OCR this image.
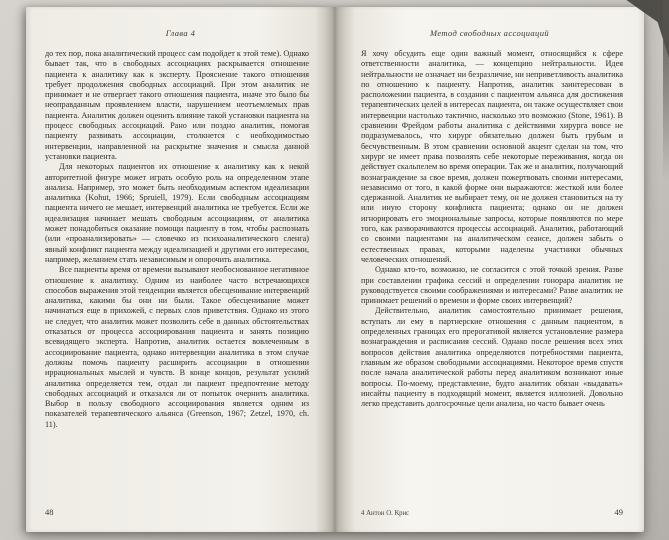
Глава 4

до тех пор, пока аналитический процесс сам подойдет к этой теме). Однако бывает так, что в свободных ассоциациях раскрывается отношение пациента к аналитику как к эксперту. Прояснение такого отношения требует продолжения свободных ассоциаций. При этом аналитик не принимает и не отвергает такого отношения пациента, иначе это было бы неоправданным проявлением власти, нарушением неотъемлемых прав пациента. Аналитик должен оценить влияние такой установки пациента на процесс свободных ассоциаций. Рано или поздно аналитик, помогая пациенту развивать ассоциации, столкнется с необходимостью интервенции, направленной на раскрытие значения и смысла данной установки пациента.

Для некоторых пациентов их отношение к аналитику как к некой авторитетной фигуре может играть особую роль на определенном этапе анализа. Например, это может быть необходимым аспектом идеализации аналитика (Kohut, 1966; Spruiell, 1979). Если свободным ассоциациям пациента ничего не мешает, интервенций аналитика не требуется. Если же идеализация начинает мешать свободным ассоциациям, от аналитика может понадобиться оказание помощи пациенту в том, чтобы распознать (или «проанализировать» — словечко из психоаналитического сленга) явный конфликт пациента между идеализацией и другими его интересами, например, желанием стать независимым и опорочить аналитика.

Все пациенты время от времени вызывают необоснованное негативное отношение к аналитику. Одним из наиболее часто встречающихся способов выражения этой тенденции является обесценивание интервенций аналитика, какими бы они ни были. Такое обесценивание может начинаться еще в прихожей, с первых слов приветствия. Однако из этого не следует, что аналитик может позволить себе в данных обстоятельствах отказаться от процесса ассоциирования пациента и занять позицию всевидящего эксперта. Напротив, аналитик остается вовлеченным в ассоциирование пациента, однако интервенции аналитика в этом случае должны помочь пациенту расширить ассоциации в отношении иррациональных мыслей и чувств. В конце концов, результат усилий аналитика определяется тем, отдал ли пациент предпочтение методу свободных ассоциаций и отказался ли от попыток очернить аналитика. Выбор в пользу свободного ассоциирования является одним из показателей терапевтического альянса (Greenson, 1967; Zetzel, 1970, ch. 11).

48
Метод свободных ассоциаций

Я хочу обсудить еще один важный момент, относящийся к сфере ответственности аналитика, — концепцию нейтральности. Идея нейтральности не означает ни безразличие, ни неприветливость аналитика по отношению к пациенту. Напротив, аналитик заинтересован в расположении пациента, в создании с пациентом альянса для достижения терапевтических целей в интересах пациента, он также осуществляет свои интервенции настолько тактично, насколько это возможно (Stone, 1961). В сравнении Фрейдом работы аналитика с действиями хирурга вовсе не подразумевалось, что хирург обязательно должен быть грубым и бесчувственным. В этом сравнении основной акцент сделан на том, что хирург не имеет права позволять себе некоторые переживания, когда он действует скальпелем во время операции. Так же и аналитик, получающий вознаграждение за свое время, должен пожертвовать своими интересами, независимо от того, в какой форме они выражаются: жесткой или более сдержанной. Аналитик не выбирает тему, он не должен становиться на ту или иную сторону конфликта пациента; однако он не должен игнорировать его эмоциональные запросы, которые появляются по мере того, как разворачиваются процессы ассоциаций. Аналитик, работающий со своими пациентами на аналитическом сеансе, должен забыть о естественных правах, которыми наделены участники обычных человеческих отношений.

Однако кто-то, возможно, не согласится с этой точкой зрения. Разве при составлении графика сессий и определении гонорара аналитик не руководствуется своими соображениями и интересами? Разве аналитик не принимает решений о времени и форме своих интервенций?

Действительно, аналитик самостоятельно принимает решения, вступать ли ему в партнерские отношения с данным пациентом, в определенных границах его прерогативой является установление размера вознаграждения и расписания сессий. Однако после решения всех этих вопросов действия аналитика определяются потребностями пациента, главным же образом свободными ассоциациями. Некоторое время спустя после начала аналитической работы перед аналитиком возникают иные вопросы. По-моему, представление, будто аналитик обязан «выдавать» инсайты пациенту в подходящий момент, является иллюзией. Довольно легко представить долгосрочные цели анализа, но часто бывает очень

4 Антон О. Крис	49
